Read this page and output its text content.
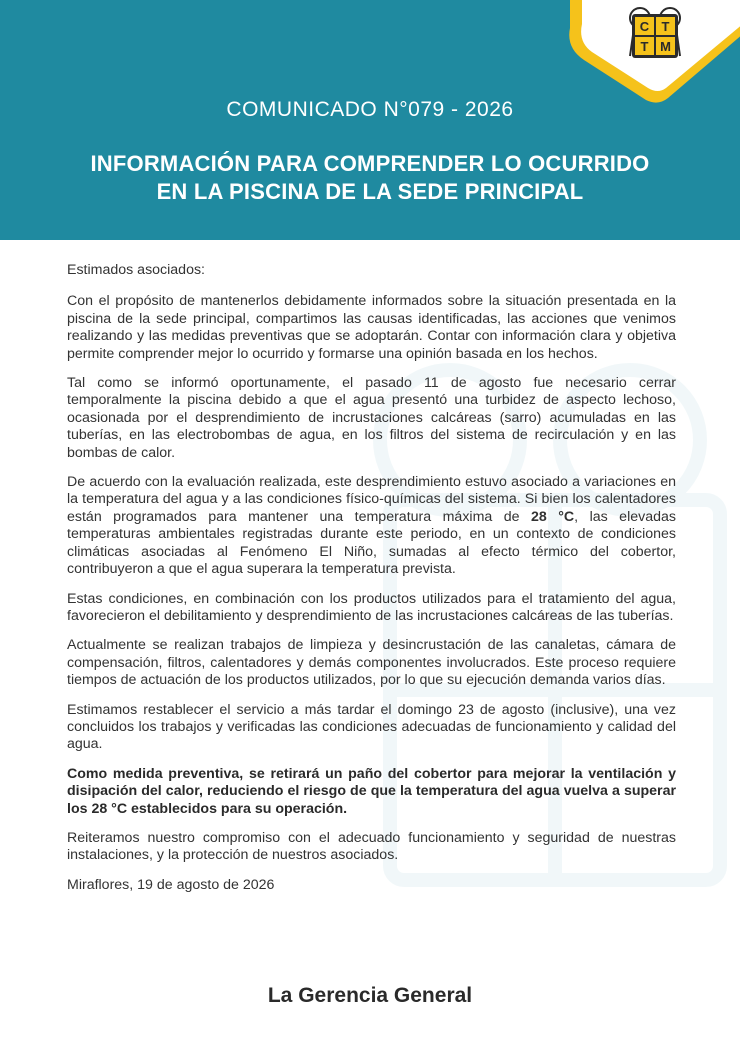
C T
T M
COMUNICADO N°079 - 2026
INFORMACIÓN PARA COMPRENDER LO OCURRIDO
EN LA PISCINA DE LA SEDE PRINCIPAL

Estimados asociados:

Con el propósito de mantenerlos debidamente informados sobre la situación presentada en la piscina de la sede principal, compartimos las causas identificadas, las acciones que venimos realizando y las medidas preventivas que se adoptarán. Contar con información clara y objetiva permite comprender mejor lo ocurrido y formarse una opinión basada en los hechos.

Tal como se informó oportunamente, el pasado 11 de agosto fue necesario cerrar temporalmente la piscina debido a que el agua presentó una turbidez de aspecto lechoso, ocasionada por el desprendimiento de incrustaciones calcáreas (sarro) acumuladas en las tuberías, en las electrobombas de agua, en los filtros del sistema de recirculación y en las bombas de calor.

De acuerdo con la evaluación realizada, este desprendimiento estuvo asociado a variaciones en la temperatura del agua y a las condiciones físico-químicas del sistema. Si bien los calentadores están programados para mantener una temperatura máxima de 28 °C, las elevadas temperaturas ambientales registradas durante este periodo, en un contexto de condiciones climáticas asociadas al Fenómeno El Niño, sumadas al efecto térmico del cobertor, contribuyeron a que el agua superara la temperatura prevista.

Estas condiciones, en combinación con los productos utilizados para el tratamiento del agua, favorecieron el debilitamiento y desprendimiento de las incrustaciones calcáreas de las tuberías.

Actualmente se realizan trabajos de limpieza y desincrustación de las canaletas, cámara de compensación, filtros, calentadores y demás componentes involucrados. Este proceso requiere tiempos de actuación de los productos utilizados, por lo que su ejecución demanda varios días.

Estimamos restablecer el servicio a más tardar el domingo 23 de agosto (inclusive), una vez concluidos los trabajos y verificadas las condiciones adecuadas de funcionamiento y calidad del agua.

Como medida preventiva, se retirará un paño del cobertor para mejorar la ventilación y disipación del calor, reduciendo el riesgo de que la temperatura del agua vuelva a superar los 28 °C establecidos para su operación.

Reiteramos nuestro compromiso con el adecuado funcionamiento y seguridad de nuestras instalaciones, y la protección de nuestros asociados.

Miraflores, 19 de agosto de 2026

La Gerencia General
